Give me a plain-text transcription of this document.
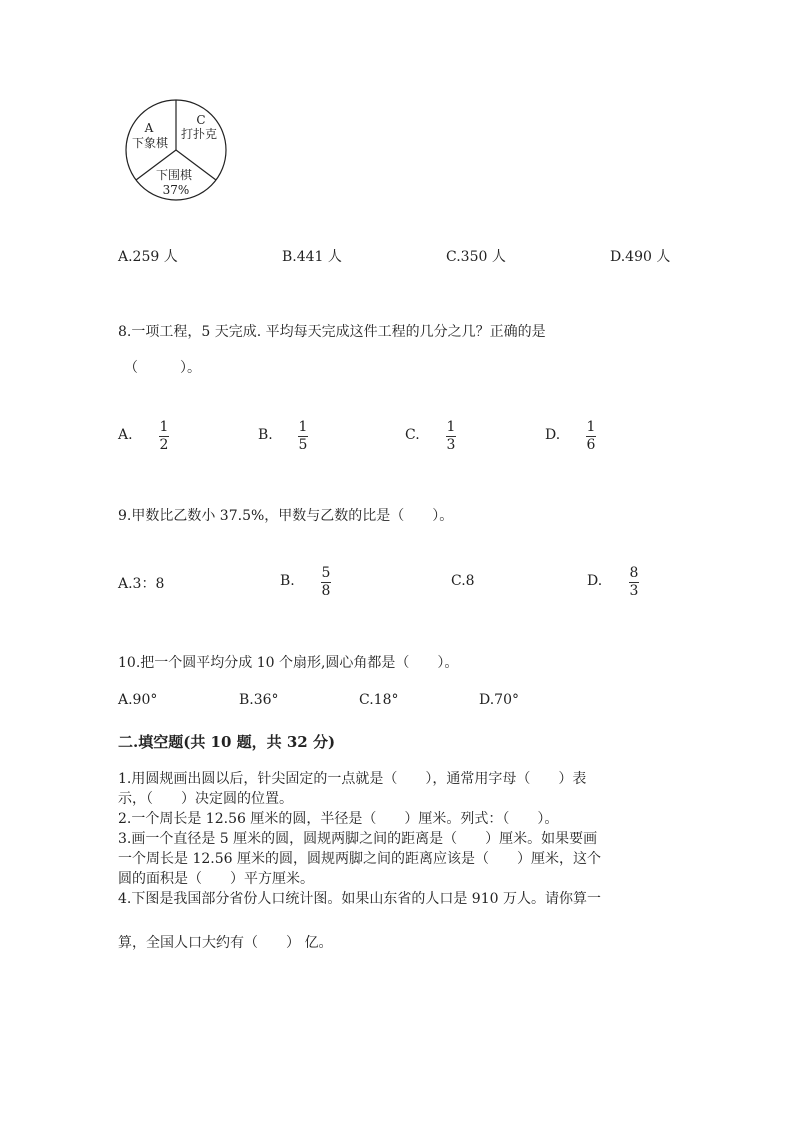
A
下象棋
C
打扑克
下围棋
37%
A.259 人	B.441 人	C.350 人	D.490 人
8.一项工程，5 天完成. 平均每天完成这件工程的几分之几？正确的是
（　　　）。
A. 1
2
B. 1
5
C. 1
3
D. 1
6
9.甲数比乙数小 37.5%，甲数与乙数的比是（　　）。
A.3：8	B. 5
8
C.8	D. 8
3
10.把一个圆平均分成 10 个扇形,圆心角都是（　　）。
A.90°	B.36°	C.18°	D.70°
二.填空题(共 10 题，共 32 分)
1.用圆规画出圆以后，针尖固定的一点就是（　　），通常用字母（　　）表
示，（　　）决定圆的位置。
2.一个周长是 12.56 厘米的圆，半径是（　　）厘米。列式：（　　）。
3.画一个直径是 5 厘米的圆，圆规两脚之间的距离是（　　）厘米。如果要画
一个周长是 12.56 厘米的圆，圆规两脚之间的距离应该是（　　）厘米，这个
圆的面积是（　　）平方厘米。
4.下图是我国部分省份人口统计图。如果山东省的人口是 910 万人。请你算一
算，全国人口大约有（　　） 亿。
